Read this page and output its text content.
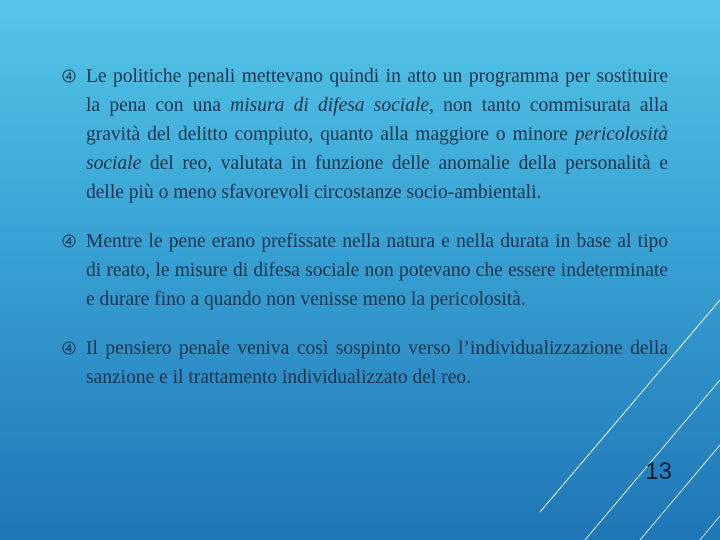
Le politiche penali mettevano quindi in atto un programma per sostituire la pena con una misura di difesa sociale, non tanto commisurata alla gravità del delitto compiuto, quanto alla maggiore o minore pericolosità sociale del reo, valutata in funzione delle anomalie della personalità e delle più o meno sfavorevoli circostanze socio-ambientali.
Mentre le pene erano prefissate nella natura e nella durata in base al tipo di reato, le misure di difesa sociale non potevano che essere indeterminate e durare fino a quando non venisse meno la pericolosità.
Il pensiero penale veniva così sospinto verso l’individualizzazione della sanzione e il trattamento individualizzato del reo.
13
